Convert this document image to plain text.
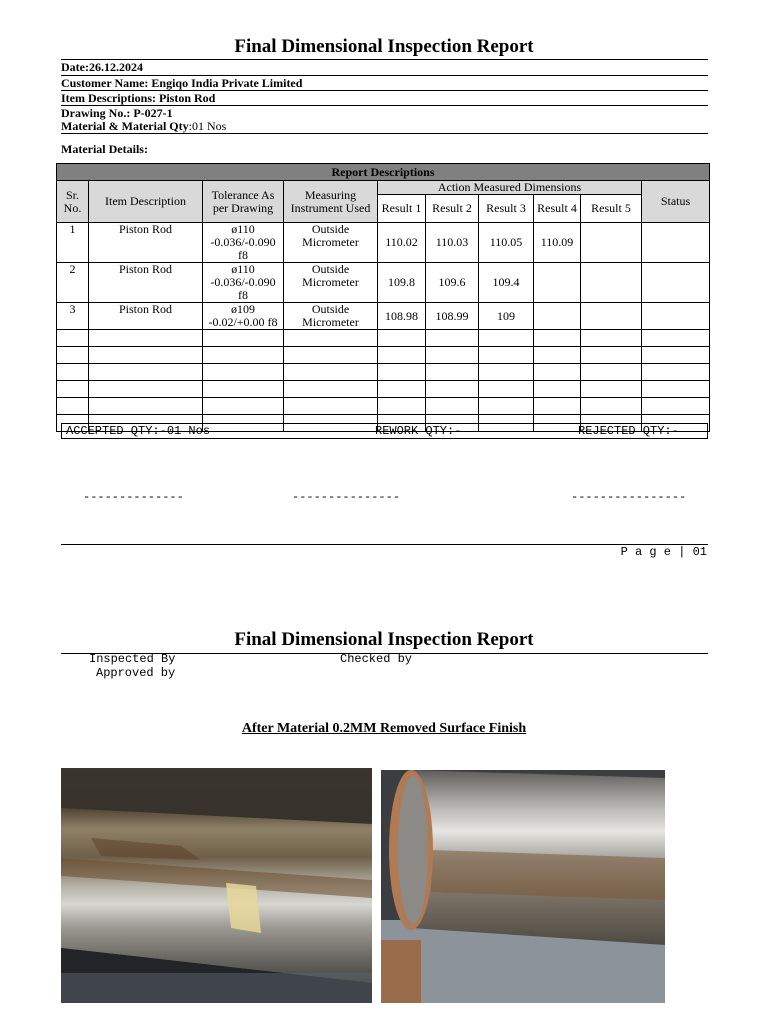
Final Dimensional Inspection Report
Date:26.12.2024
Customer Name: Engiqo India Private Limited
Item Descriptions: Piston Rod
Drawing No.: P-027-1
Material & Material Qty:01 Nos
Material Details:
Report Descriptions									
Sr. No.	Item Description	Tolerance As per Drawing	Measuring Instrument Used	Action Measured Dimensions					Status
				Result 1	Result 2	Result 3	Result 4	Result 5	
1	Piston Rod	ø110 -0.036/-0.090 f8	Outside Micrometer	110.02	110.03	110.05	110.09		
2	Piston Rod	ø110 -0.036/-0.090 f8	Outside Micrometer	109.8	109.6	109.4			
3	Piston Rod	ø109 -0.02/+0.00 f8	Outside Micrometer	108.98	108.99	109			

ACCEPTED QTY:-01 Nos	REWORK QTY:-	REJECTED QTY:-
--------------	---------------	----------------
P a g e | 01
Final Dimensional Inspection Report
Inspected By	Checked by
Approved by
After Material 0.2MM Removed Surface Finish
